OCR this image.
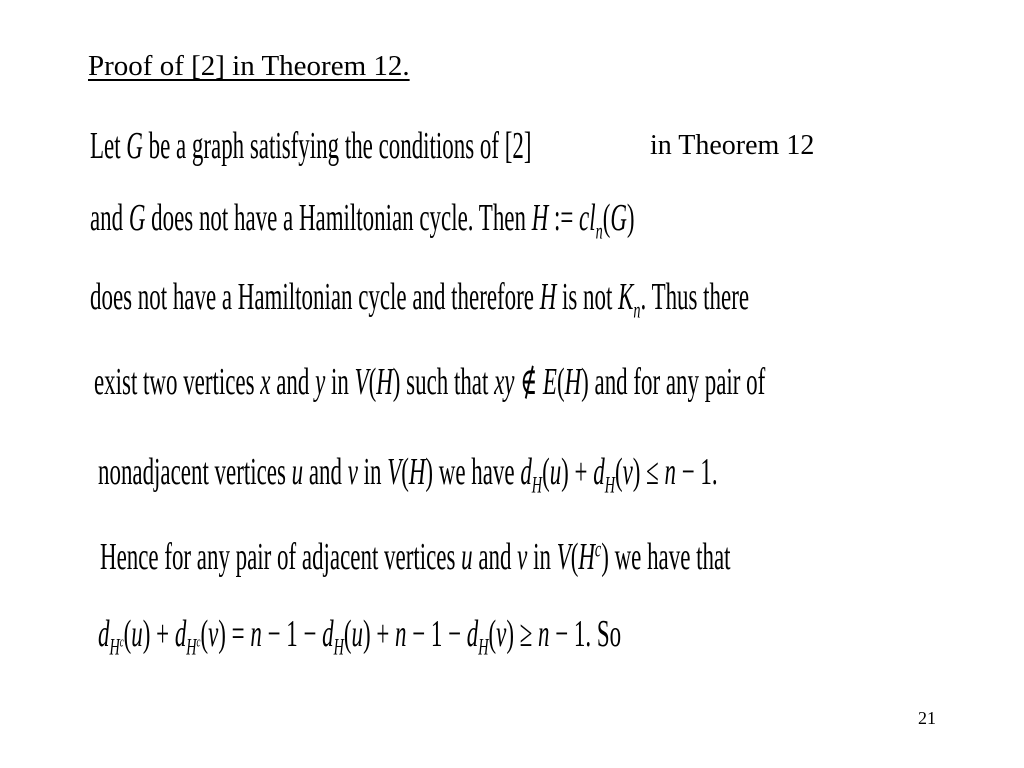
Proof of [2] in Theorem 12.
Let G be a graph satisfying the conditions of [2]	in Theorem 12
and G does not have a Hamiltonian cycle. Then H := $cl_n(G)$
does not have a Hamiltonian cycle and therefore H is not $K_n$. Thus there
exist two vertices x and y in V(H) such that xy ∉ E(H) and for any pair of
nonadjacent vertices u and v in V(H) we have $d_H(u) + d_H(v) \le n - 1$.
Hence for any pair of adjacent vertices u and v in $V(H^c)$ we have that
$d_{H^c}(u) + d_{H^c}(v) = n - 1 - d_H(u) + n - 1 - d_H(v) \ge n - 1$. So
21
